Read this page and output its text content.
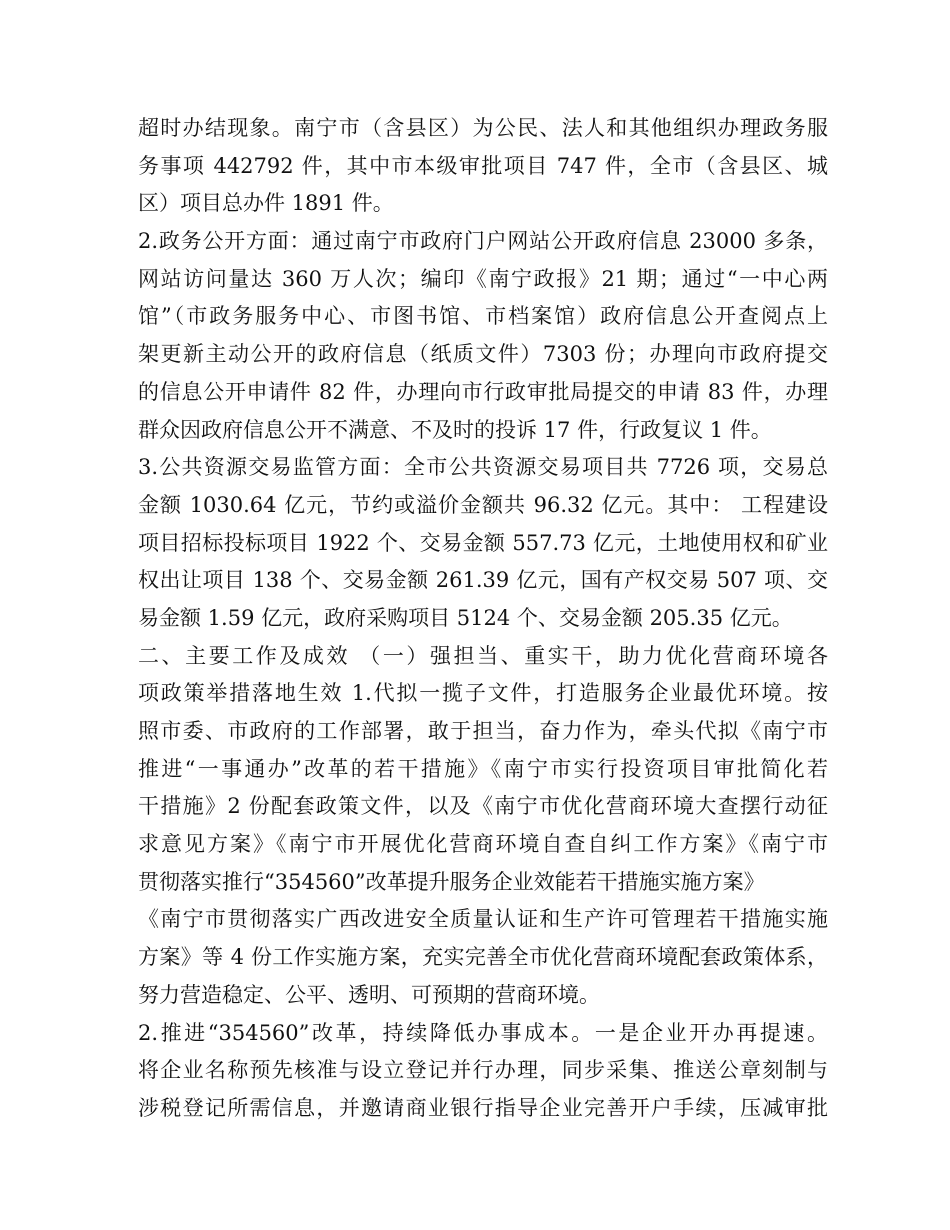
超时办结现象。南宁市（含县区）为公民、法人和其他组织办理政务服
务事项 442792 件，其中市本级审批项目 747 件，全市（含县区、城
区）项目总办件 1891 件。
2.政务公开方面：通过南宁市政府门户网站公开政府信息 23000 多条，
网站访问量达 360 万人次；编印《南宁政报》21 期；通过“一中心两
馆”（市政务服务中心、市图书馆、市档案馆）政府信息公开查阅点上
架更新主动公开的政府信息（纸质文件）7303 份；办理向市政府提交
的信息公开申请件 82 件，办理向市行政审批局提交的申请 83 件，办理
群众因政府信息公开不满意、不及时的投诉 17 件，行政复议 1 件。
3.公共资源交易监管方面：全市公共资源交易项目共 7726 项，交易总
金额 1030.64 亿元，节约或溢价金额共 96.32 亿元。其中： 工程建设
项目招标投标项目 1922 个、交易金额 557.73 亿元，土地使用权和矿业
权出让项目 138 个、交易金额 261.39 亿元，国有产权交易 507 项、交
易金额 1.59 亿元，政府采购项目 5124 个、交易金额 205.35 亿元。
二、主要工作及成效 （一）强担当、重实干，助力优化营商环境各
项政策举措落地生效 1.代拟一揽子文件，打造服务企业最优环境。按
照市委、市政府的工作部署，敢于担当，奋力作为，牵头代拟《南宁市
推进“一事通办”改革的若干措施》《南宁市实行投资项目审批简化若
干措施》2 份配套政策文件，以及《南宁市优化营商环境大查摆行动征
求意见方案》《南宁市开展优化营商环境自查自纠工作方案》《南宁市
贯彻落实推行“354560”改革提升服务企业效能若干措施实施方案》
《南宁市贯彻落实广西改进安全质量认证和生产许可管理若干措施实施
方案》等 4 份工作实施方案，充实完善全市优化营商环境配套政策体系，
努力营造稳定、公平、透明、可预期的营商环境。
2.推进“354560”改革，持续降低办事成本。一是企业开办再提速。
将企业名称预先核准与设立登记并行办理，同步采集、推送公章刻制与
涉税登记所需信息，并邀请商业银行指导企业完善开户手续，压减审批
